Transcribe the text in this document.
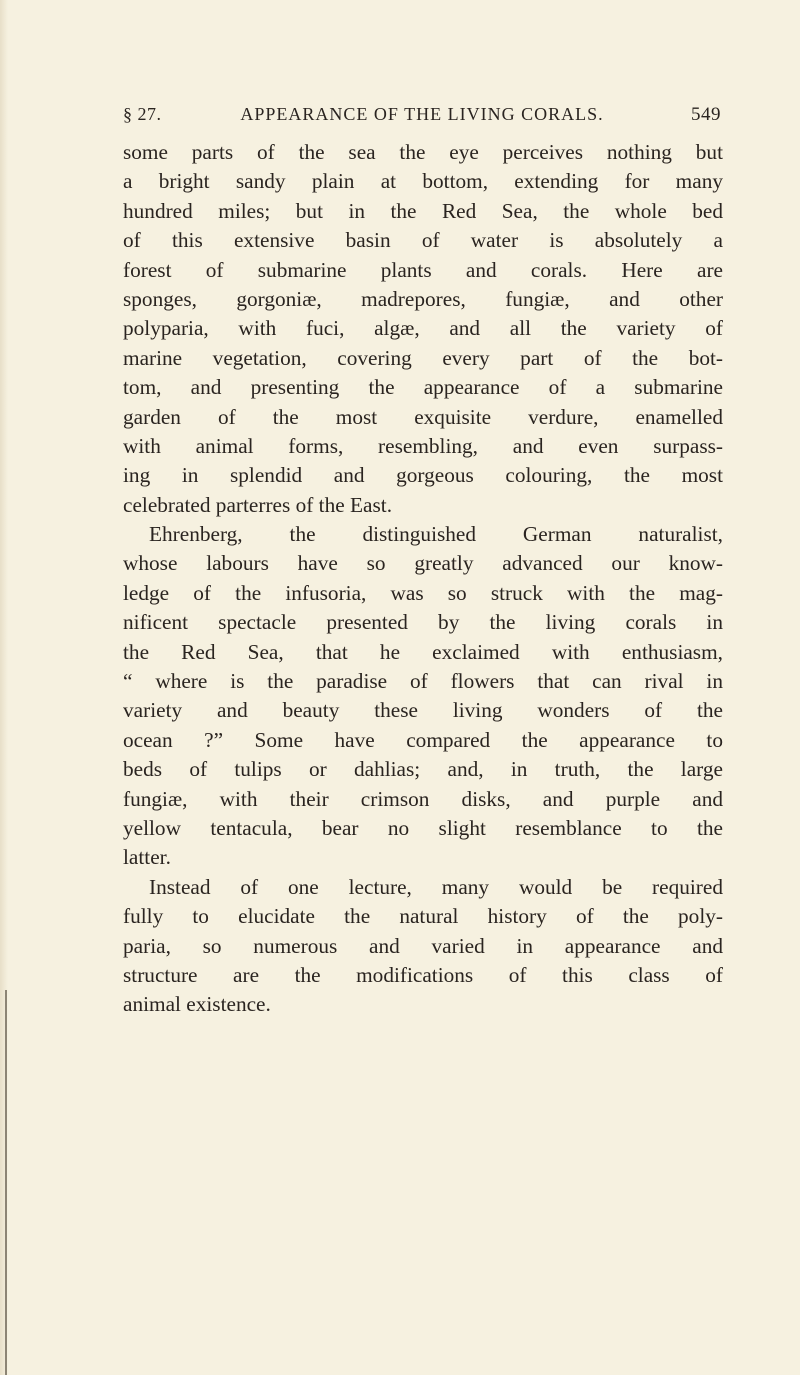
§ 27.	APPEARANCE OF THE LIVING CORALS.	549
some parts of the sea the eye perceives nothing but
a bright sandy plain at bottom, extending for many
hundred miles; but in the Red Sea, the whole bed
of this extensive basin of water is absolutely a
forest of submarine plants and corals. Here are
sponges, gorgoniæ, madrepores, fungiæ, and other
polyparia, with fuci, algæ, and all the variety of
marine vegetation, covering every part of the bot-
tom, and presenting the appearance of a submarine
garden of the most exquisite verdure, enamelled
with animal forms, resembling, and even surpass-
ing in splendid and gorgeous colouring, the most
celebrated parterres of the East.
Ehrenberg, the distinguished German naturalist,
whose labours have so greatly advanced our know-
ledge of the infusoria, was so struck with the mag-
nificent spectacle presented by the living corals in
the Red Sea, that he exclaimed with enthusiasm,
“ where is the paradise of flowers that can rival in
variety and beauty these living wonders of the
ocean ?” Some have compared the appearance to
beds of tulips or dahlias; and, in truth, the large
fungiæ, with their crimson disks, and purple and
yellow tentacula, bear no slight resemblance to the
latter.
Instead of one lecture, many would be required
fully to elucidate the natural history of the poly-
paria, so numerous and varied in appearance and
structure are the modifications of this class of
animal existence.
